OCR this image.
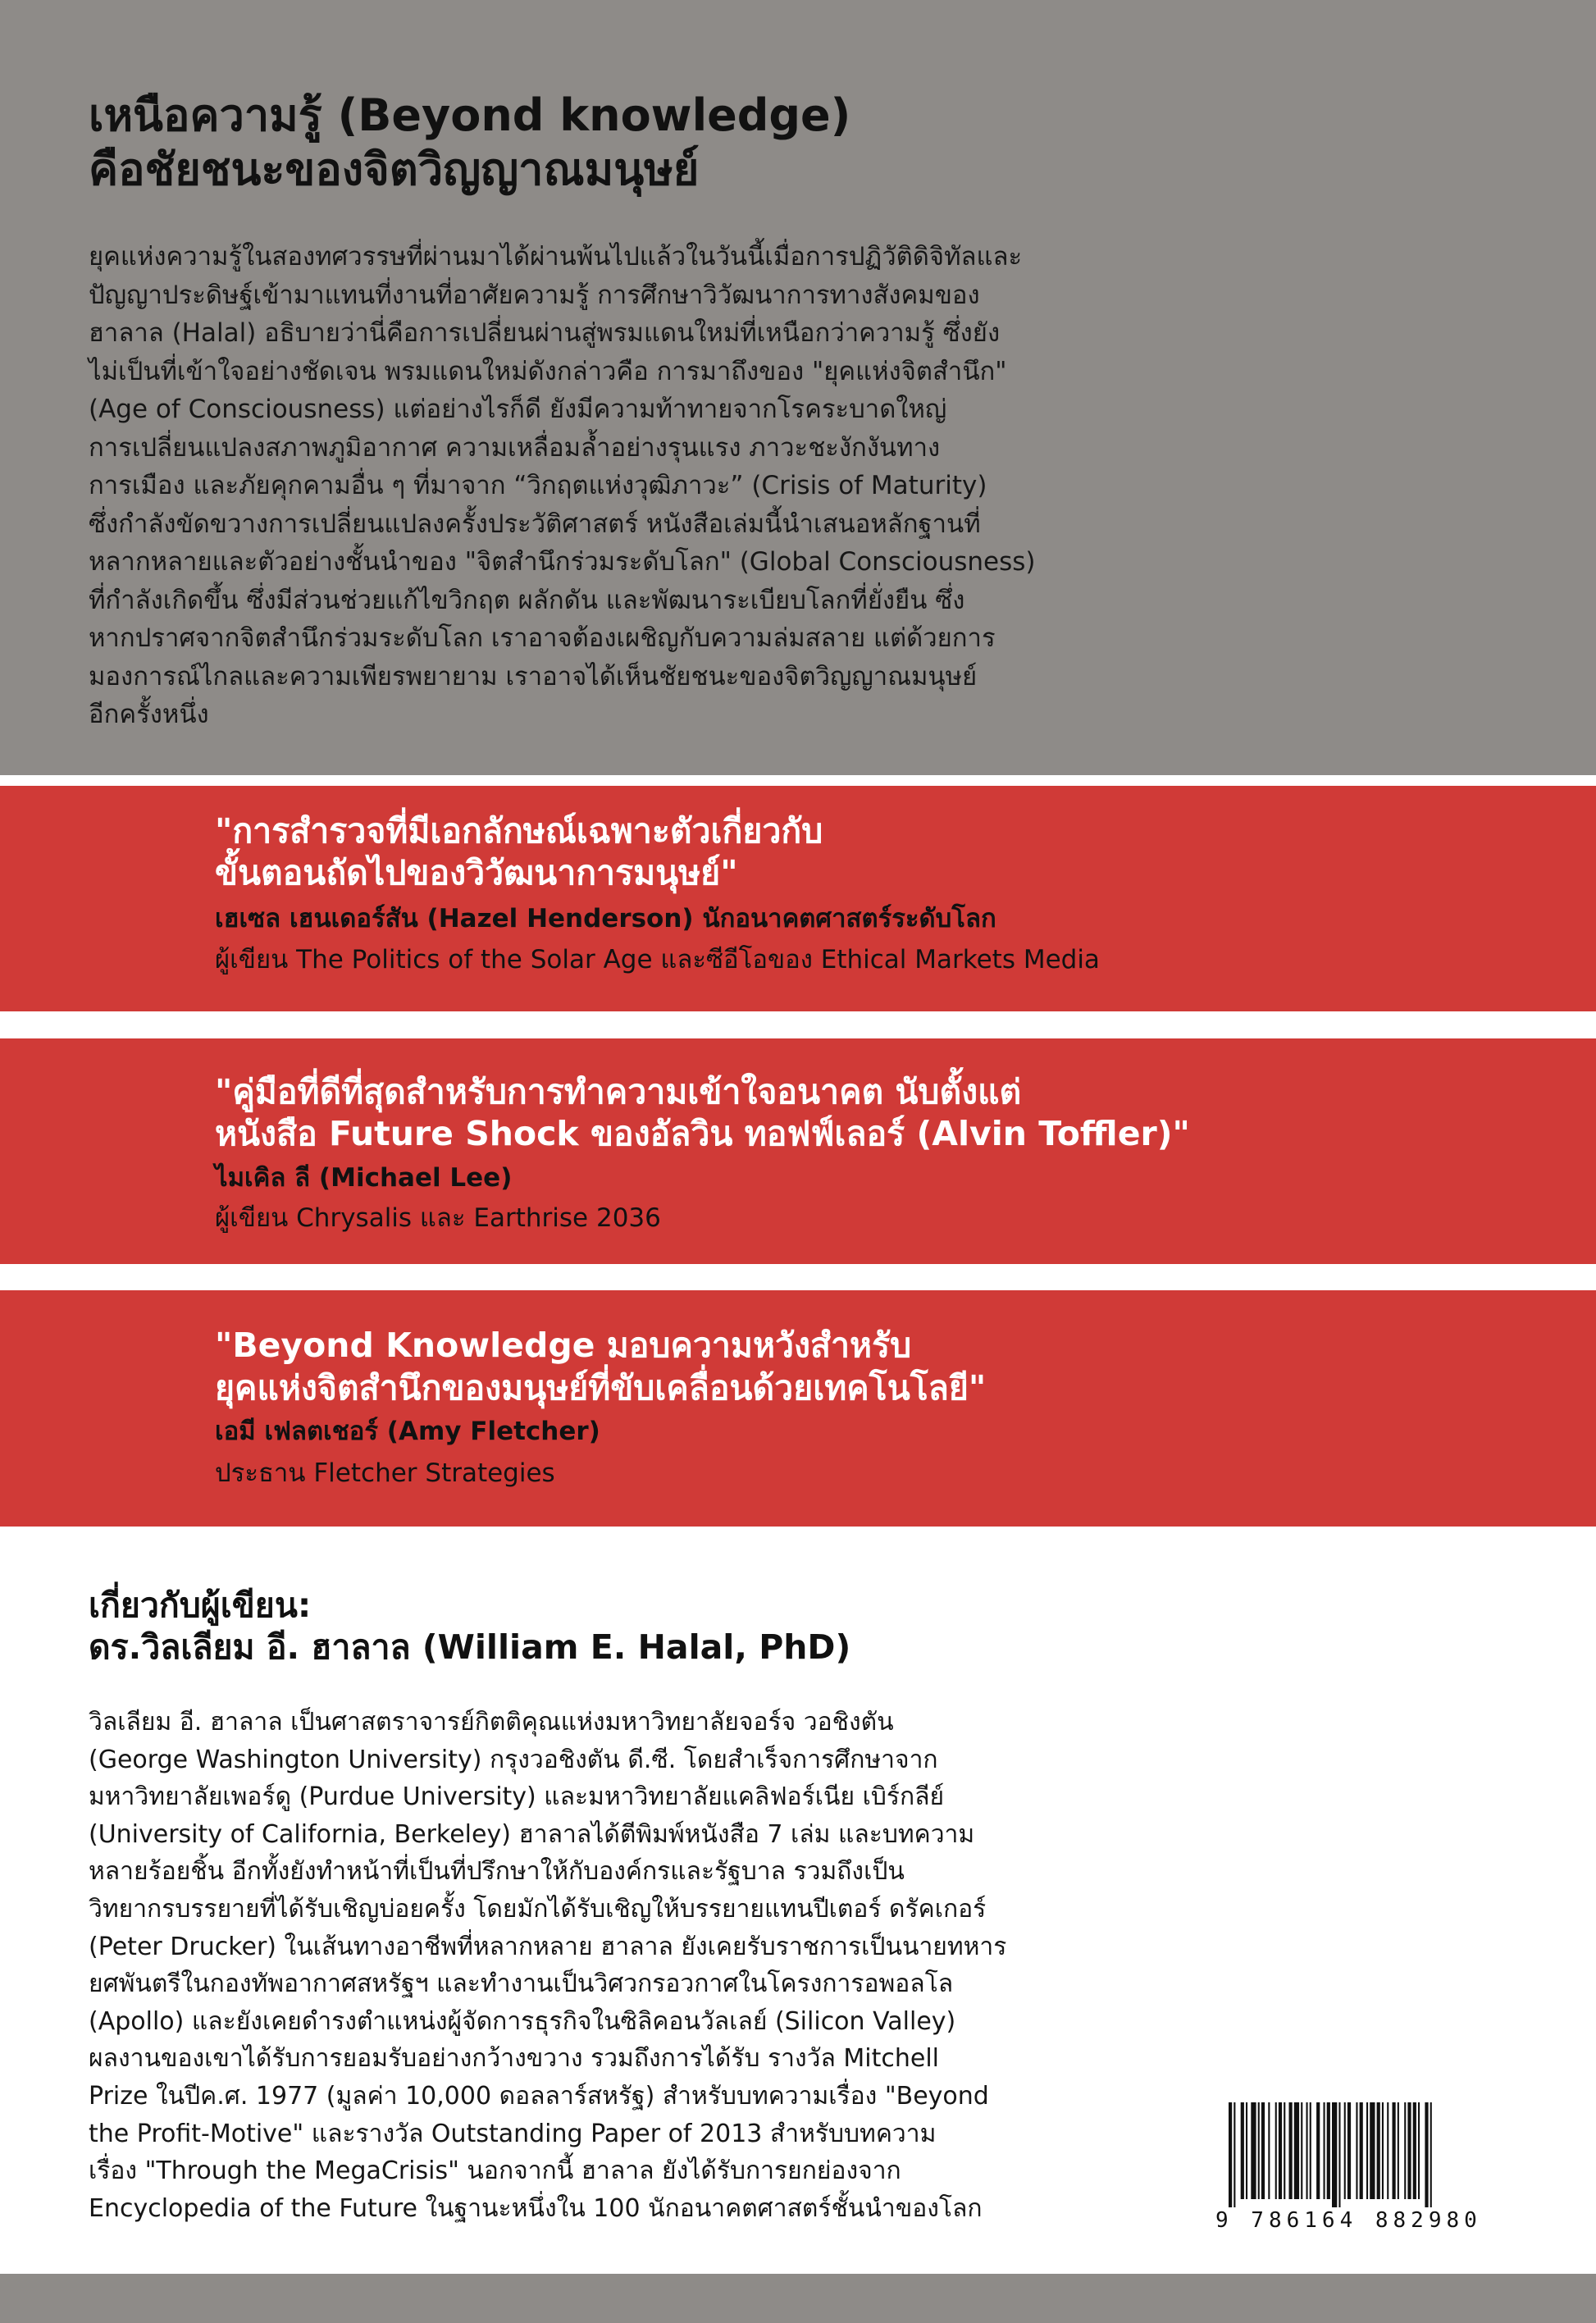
เหนือความรู้ (Beyond knowledge)
คือชัยชนะของจิตวิญญาณมนุษย์
ยุคแห่งความรู้ในสองทศวรรษที่ผ่านมาได้ผ่านพ้นไปแล้วในวันนี้เมื่อการปฏิวัติดิจิทัลและ
ปัญญาประดิษฐ์เข้ามาแทนที่งานที่อาศัยความรู้ การศึกษาวิวัฒนาการทางสังคมของ
ฮาลาล (Halal) อธิบายว่านี่คือการเปลี่ยนผ่านสู่พรมแดนใหม่ที่เหนือกว่าความรู้ ซึ่งยัง
ไม่เป็นที่เข้าใจอย่างชัดเจน พรมแดนใหม่ดังกล่าวคือ การมาถึงของ "ยุคแห่งจิตสำนึก"
(Age of Consciousness) แต่อย่างไรก็ดี ยังมีความท้าทายจากโรคระบาดใหญ่
การเปลี่ยนแปลงสภาพภูมิอากาศ ความเหลื่อมล้ำอย่างรุนแรง ภาวะชะงักงันทาง
การเมือง และภัยคุกคามอื่น ๆ ที่มาจาก “วิกฤตแห่งวุฒิภาวะ” (Crisis of Maturity)
ซึ่งกำลังขัดขวางการเปลี่ยนแปลงครั้งประวัติศาสตร์ หนังสือเล่มนี้นำเสนอหลักฐานที่
หลากหลายและตัวอย่างชั้นนำของ "จิตสำนึกร่วมระดับโลก" (Global Consciousness)
ที่กำลังเกิดขึ้น ซึ่งมีส่วนช่วยแก้ไขวิกฤต ผลักดัน และพัฒนาระเบียบโลกที่ยั่งยืน ซึ่ง
หากปราศจากจิตสำนึกร่วมระดับโลก เราอาจต้องเผชิญกับความล่มสลาย แต่ด้วยการ
มองการณ์ไกลและความเพียรพยายาม เราอาจได้เห็นชัยชนะของจิตวิญญาณมนุษย์
อีกครั้งหนึ่ง
"การสำรวจที่มีเอกลักษณ์เฉพาะตัวเกี่ยวกับ
ขั้นตอนถัดไปของวิวัฒนาการมนุษย์"
เฮเซล เฮนเดอร์สัน (Hazel Henderson) นักอนาคตศาสตร์ระดับโลก
ผู้เขียน The Politics of the Solar Age และซีอีโอของ Ethical Markets Media
"คู่มือที่ดีที่สุดสำหรับการทำความเข้าใจอนาคต นับตั้งแต่
หนังสือ Future Shock ของอัลวิน ทอฟฟ์เลอร์ (Alvin Toffler)"
ไมเคิล ลี (Michael Lee)
ผู้เขียน Chrysalis และ Earthrise 2036
"Beyond Knowledge มอบความหวังสำหรับ
ยุคแห่งจิตสำนึกของมนุษย์ที่ขับเคลื่อนด้วยเทคโนโลยี"
เอมี เฟลตเชอร์ (Amy Fletcher)
ประธาน Fletcher Strategies
เกี่ยวกับผู้เขียน:
ดร.วิลเลียม อี. ฮาลาล (William E. Halal, PhD)
วิลเลียม อี. ฮาลาล เป็นศาสตราจารย์กิตติคุณแห่งมหาวิทยาลัยจอร์จ วอชิงตัน
(George Washington University) กรุงวอชิงตัน ดี.ซี. โดยสำเร็จการศึกษาจาก
มหาวิทยาลัยเพอร์ดู (Purdue University) และมหาวิทยาลัยแคลิฟอร์เนีย เบิร์กลีย์
(University of California, Berkeley) ฮาลาลได้ตีพิมพ์หนังสือ 7 เล่ม และบทความ
หลายร้อยชิ้น อีกทั้งยังทำหน้าที่เป็นที่ปรึกษาให้กับองค์กรและรัฐบาล รวมถึงเป็น
วิทยากรบรรยายที่ได้รับเชิญบ่อยครั้ง โดยมักได้รับเชิญให้บรรยายแทนปีเตอร์ ดรัคเกอร์
(Peter Drucker) ในเส้นทางอาชีพที่หลากหลาย ฮาลาล ยังเคยรับราชการเป็นนายทหาร
ยศพันตรีในกองทัพอากาศสหรัฐฯ และทำงานเป็นวิศวกรอวกาศในโครงการอพอลโล
(Apollo) และยังเคยดำรงตำแหน่งผู้จัดการธุรกิจในซิลิคอนวัลเลย์ (Silicon Valley)
ผลงานของเขาได้รับการยอมรับอย่างกว้างขวาง รวมถึงการได้รับ รางวัล Mitchell
Prize ในปีค.ศ. 1977 (มูลค่า 10,000 ดอลลาร์สหรัฐ) สำหรับบทความเรื่อง "Beyond
the Profit-Motive" และรางวัล Outstanding Paper of 2013 สำหรับบทความ
เรื่อง "Through the MegaCrisis" นอกจากนี้ ฮาลาล ยังได้รับการยกย่องจาก
Encyclopedia of the Future ในฐานะหนึ่งใน 100 นักอนาคตศาสตร์ชั้นนำของโลก	9 786164 882980
